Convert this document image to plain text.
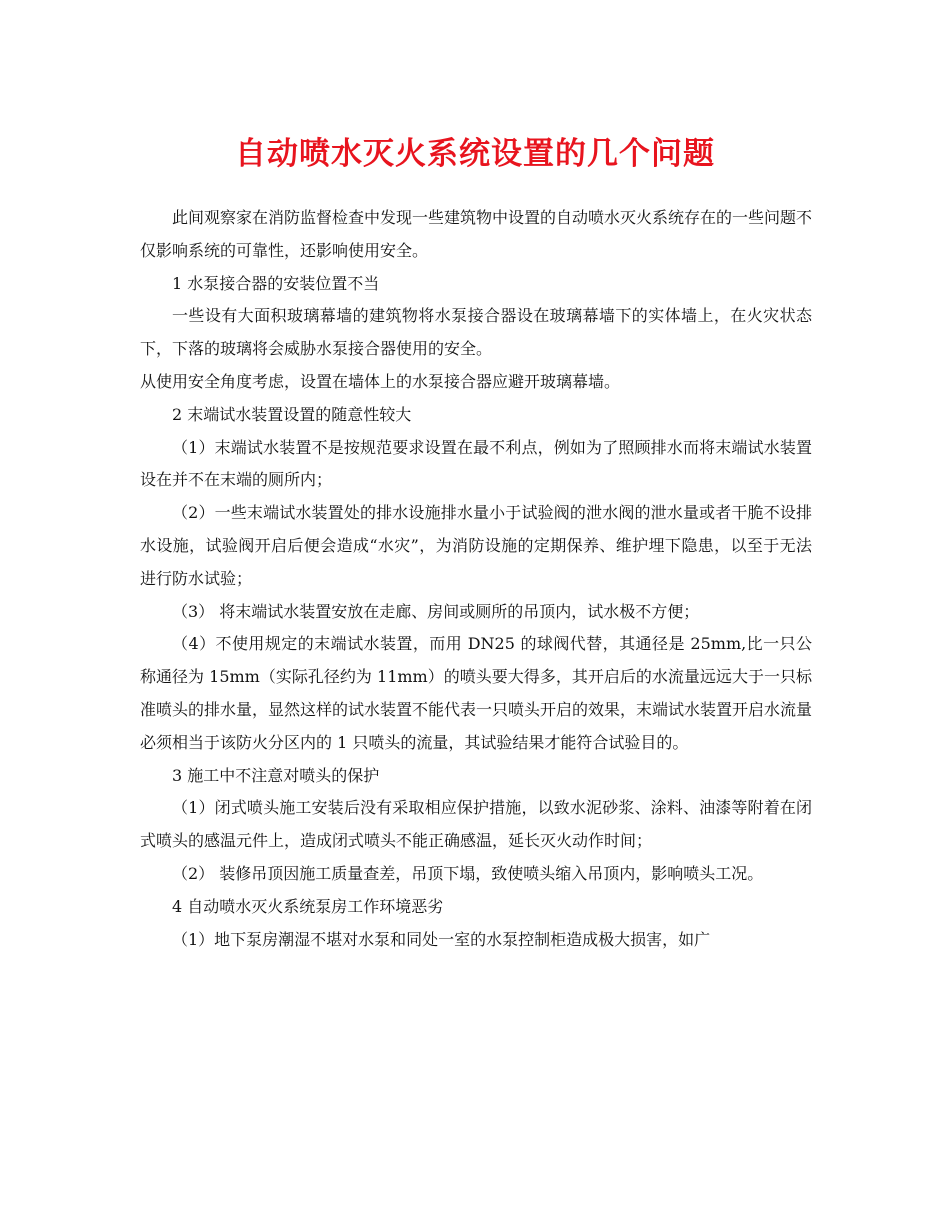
自动喷水灭火系统设置的几个问题

此间观察家在消防监督检查中发现一些建筑物中设置的自动喷水灭火系统存在的一些问题不仅影响系统的可靠性，还影响使用安全。

1 水泵接合器的安装位置不当

一些设有大面积玻璃幕墙的建筑物将水泵接合器设在玻璃幕墙下的实体墙上，在火灾状态下，下落的玻璃将会威胁水泵接合器使用的安全。

从使用安全角度考虑，设置在墙体上的水泵接合器应避开玻璃幕墙。

2 末端试水装置设置的随意性较大

（1）末端试水装置不是按规范要求设置在最不利点，例如为了照顾排水而将末端试水装置设在并不在末端的厕所内；

（2）一些末端试水装置处的排水设施排水量小于试验阀的泄水阀的泄水量或者干脆不设排水设施，试验阀开启后便会造成“水灾”，为消防设施的定期保养、维护埋下隐患，以至于无法进行防水试验；

（3） 将末端试水装置安放在走廊、房间或厕所的吊顶内，试水极不方便；

（4）不使用规定的末端试水装置，而用 DN25 的球阀代替，其通径是 25mm,比一只公称通径为 15mm（实际孔径约为 11mm）的喷头要大得多，其开启后的水流量远远大于一只标准喷头的排水量，显然这样的试水装置不能代表一只喷头开启的效果，末端试水装置开启水流量必须相当于该防火分区内的 1 只喷头的流量，其试验结果才能符合试验目的。

3 施工中不注意对喷头的保护

（1）闭式喷头施工安装后没有采取相应保护措施，以致水泥砂浆、涂料、油漆等附着在闭式喷头的感温元件上，造成闭式喷头不能正确感温，延长灭火动作时间；

（2） 装修吊顶因施工质量查差，吊顶下塌，致使喷头缩入吊顶内，影响喷头工况。

4 自动喷水灭火系统泵房工作环境恶劣

（1）地下泵房潮湿不堪对水泵和同处一室的水泵控制柜造成极大损害，如广
